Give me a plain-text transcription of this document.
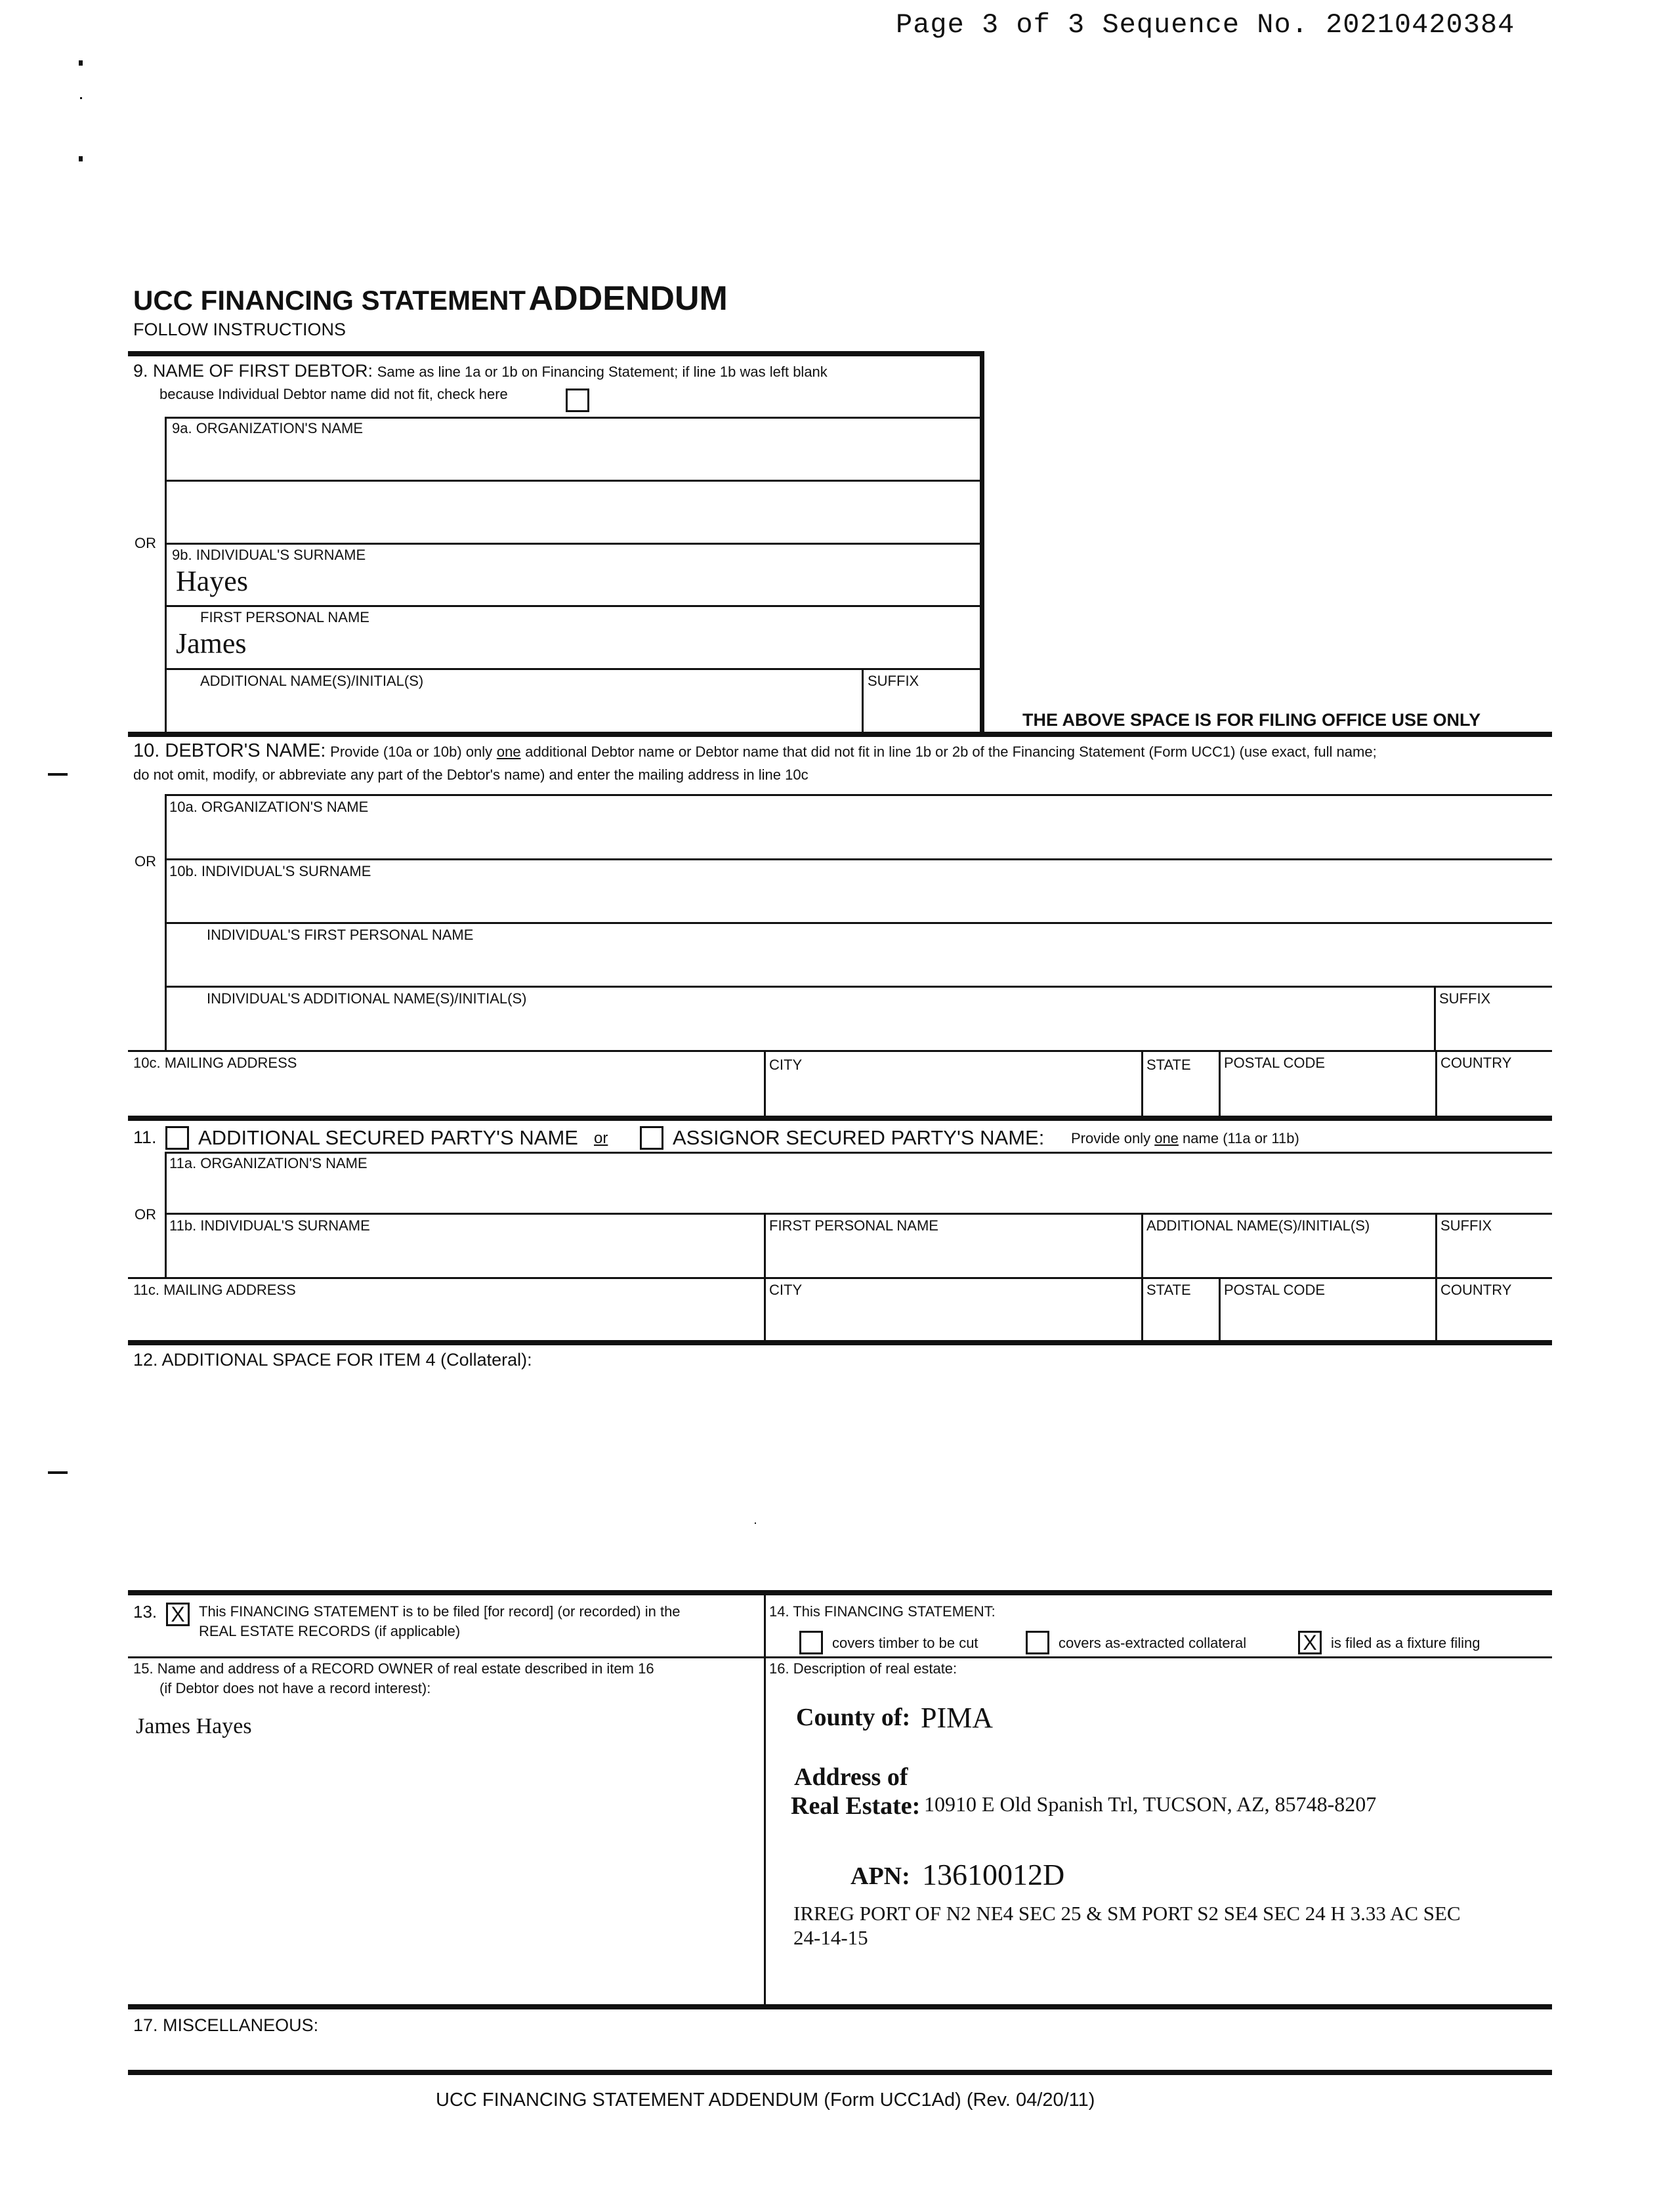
Page 3 of 3 Sequence No. 20210420384
UCC FINANCING STATEMENT ADDENDUM
FOLLOW INSTRUCTIONS
9. NAME OF FIRST DEBTOR: Same as line 1a or 1b on Financing Statement; if line 1b was left blank
because Individual Debtor name did not fit, check here
9a. ORGANIZATION'S NAME
OR
9b. INDIVIDUAL'S SURNAME
Hayes
FIRST PERSONAL NAME
James
ADDITIONAL NAME(S)/INITIAL(S)	SUFFIX
THE ABOVE SPACE IS FOR FILING OFFICE USE ONLY
10. DEBTOR'S NAME: Provide (10a or 10b) only one additional Debtor name or Debtor name that did not fit in line 1b or 2b of the Financing Statement (Form UCC1) (use exact, full name;
do not omit, modify, or abbreviate any part of the Debtor's name) and enter the mailing address in line 10c
10a. ORGANIZATION'S NAME
OR
10b. INDIVIDUAL'S SURNAME
INDIVIDUAL'S FIRST PERSONAL NAME
INDIVIDUAL'S ADDITIONAL NAME(S)/INITIAL(S)	SUFFIX
10c. MAILING ADDRESS	CITY	STATE POSTAL CODE	COUNTRY
11. ADDITIONAL SECURED PARTY'S NAME or	ASSIGNOR SECURED PARTY'S NAME: Provide only one name (11a or 11b)
11a. ORGANIZATION'S NAME
OR
11b. INDIVIDUAL'S SURNAME	FIRST PERSONAL NAME	ADDITIONAL NAME(S)/INITIAL(S)	SUFFIX
11c. MAILING ADDRESS	CITY	STATE POSTAL CODE	COUNTRY
12. ADDITIONAL SPACE FOR ITEM 4 (Collateral):
13. X This FINANCING STATEMENT is to be filed [for record] (or recorded) in the
REAL ESTATE RECORDS (if applicable)
14. This FINANCING STATEMENT:
covers timber to be cut	covers as-extracted collateral	X is filed as a fixture filing
15. Name and address of a RECORD OWNER of real estate described in item 16
(if Debtor does not have a record interest):
James Hayes
16. Description of real estate:
County of: PIMA
Address of
Real Estate: 10910 E Old Spanish Trl, TUCSON, AZ, 85748-8207
APN: 13610012D
IRREG PORT OF N2 NE4 SEC 25 & SM PORT S2 SE4 SEC 24 H 3.33 AC SEC
24-14-15
17. MISCELLANEOUS:
UCC FINANCING STATEMENT ADDENDUM (Form UCC1Ad) (Rev. 04/20/11)
